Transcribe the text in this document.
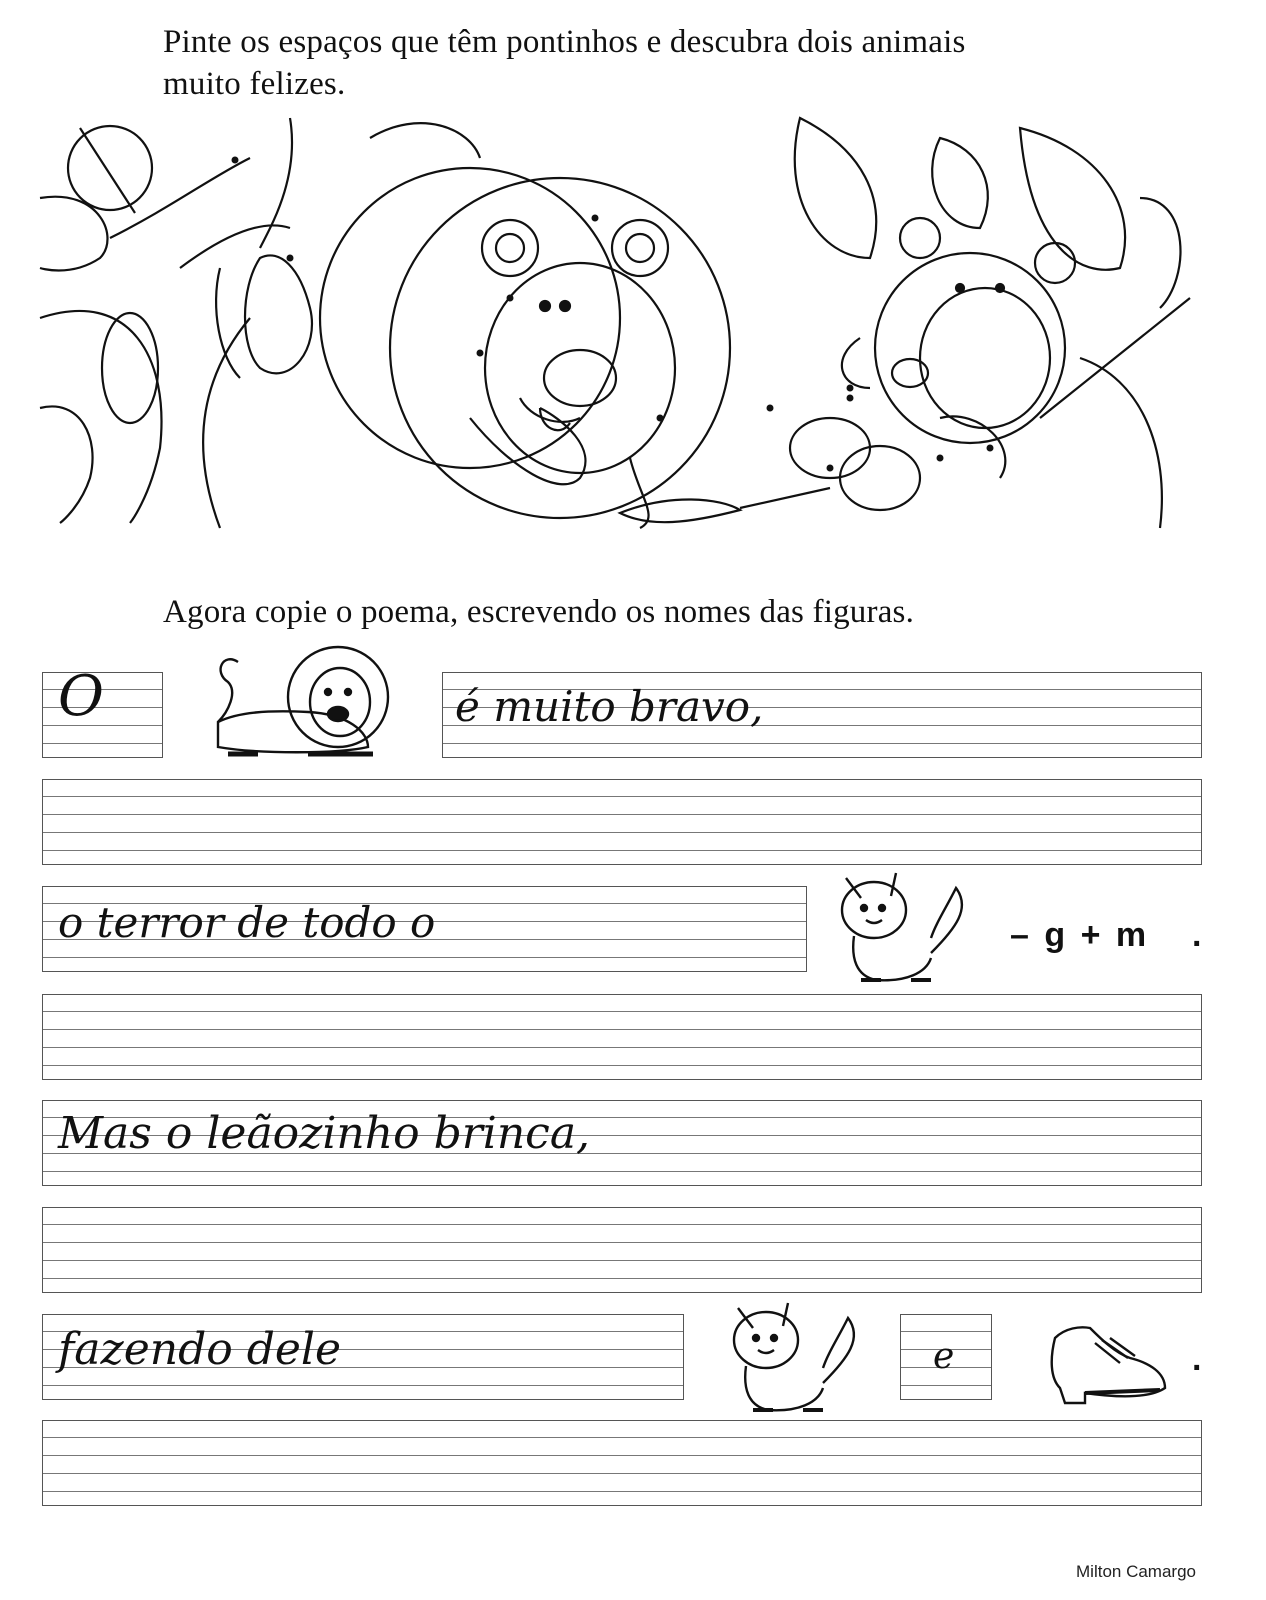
Pinte os espaços que têm pontinhos e descubra dois animais
muito felizes.
Agora copie o poema, escrevendo os nomes das figuras.
O	é muito bravo,
o terror de todo o	– g + m .
Mas o leãozinho brinca,
fazendo dele	e	.
Milton Camargo
